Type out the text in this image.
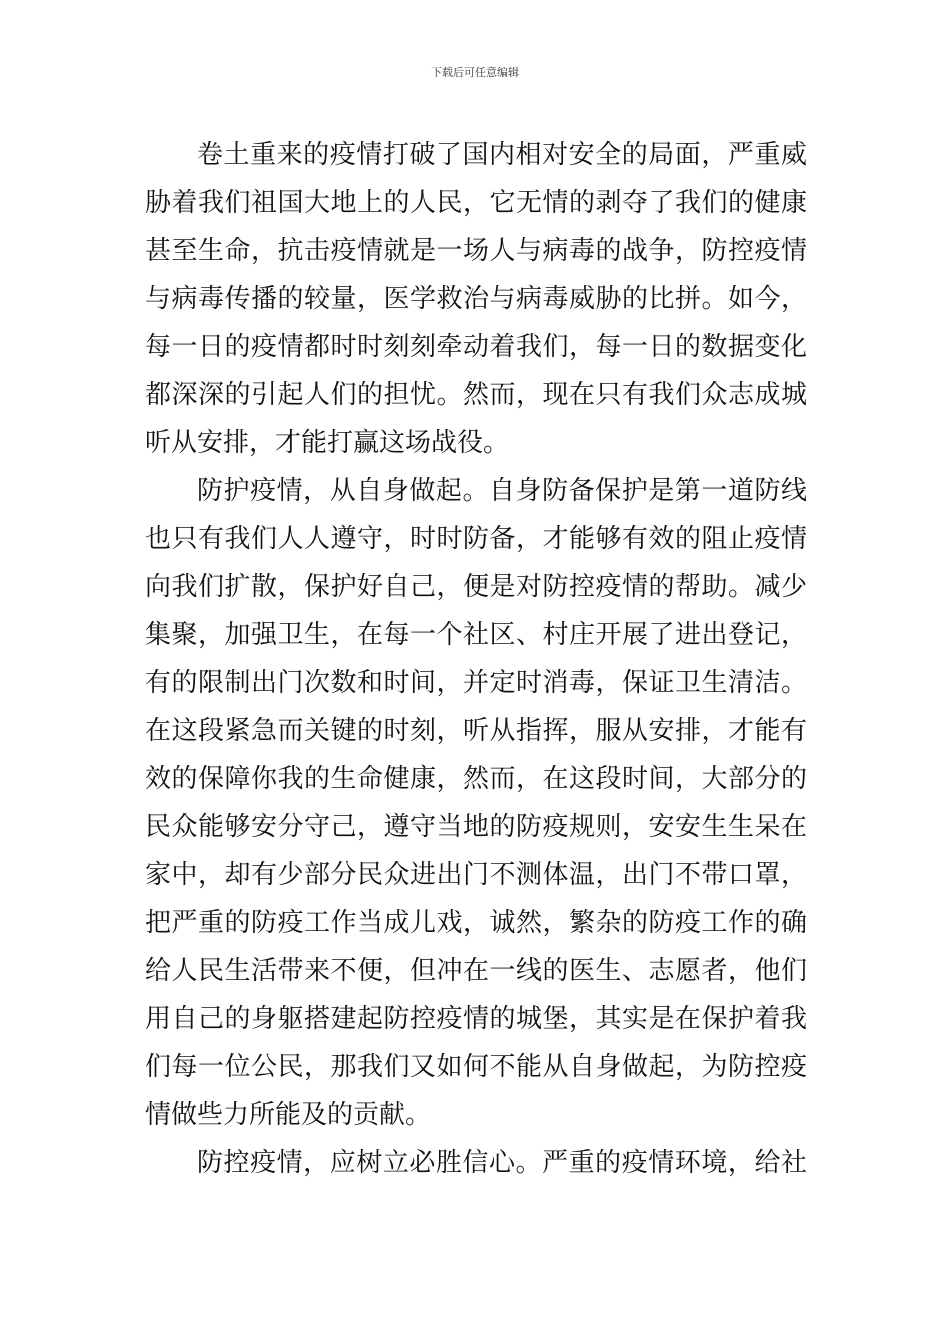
下载后可任意编辑
卷土重来的疫情打破了国内相对安全的局面，严重威
胁着我们祖国大地上的人民，它无情的剥夺了我们的健康
甚至生命，抗击疫情就是一场人与病毒的战争，防控疫情
与病毒传播的较量，医学救治与病毒威胁的比拼。如今，
每一日的疫情都时时刻刻牵动着我们，每一日的数据变化
都深深的引起人们的担忧。然而，现在只有我们众志成城
听从安排，才能打赢这场战役。
防护疫情，从自身做起。自身防备保护是第一道防线
也只有我们人人遵守，时时防备，才能够有效的阻止疫情
向我们扩散，保护好自己，便是对防控疫情的帮助。减少
集聚，加强卫生，在每一个社区、村庄开展了进出登记，
有的限制出门次数和时间，并定时消毒，保证卫生清洁。
在这段紧急而关键的时刻，听从指挥，服从安排，才能有
效的保障你我的生命健康，然而，在这段时间，大部分的
民众能够安分守己，遵守当地的防疫规则，安安生生呆在
家中，却有少部分民众进出门不测体温，出门不带口罩，
把严重的防疫工作当成儿戏，诚然，繁杂的防疫工作的确
给人民生活带来不便，但冲在一线的医生、志愿者，他们
用自己的身躯搭建起防控疫情的城堡，其实是在保护着我
们每一位公民，那我们又如何不能从自身做起，为防控疫
情做些力所能及的贡献。
防控疫情，应树立必胜信心。严重的疫情环境，给社
